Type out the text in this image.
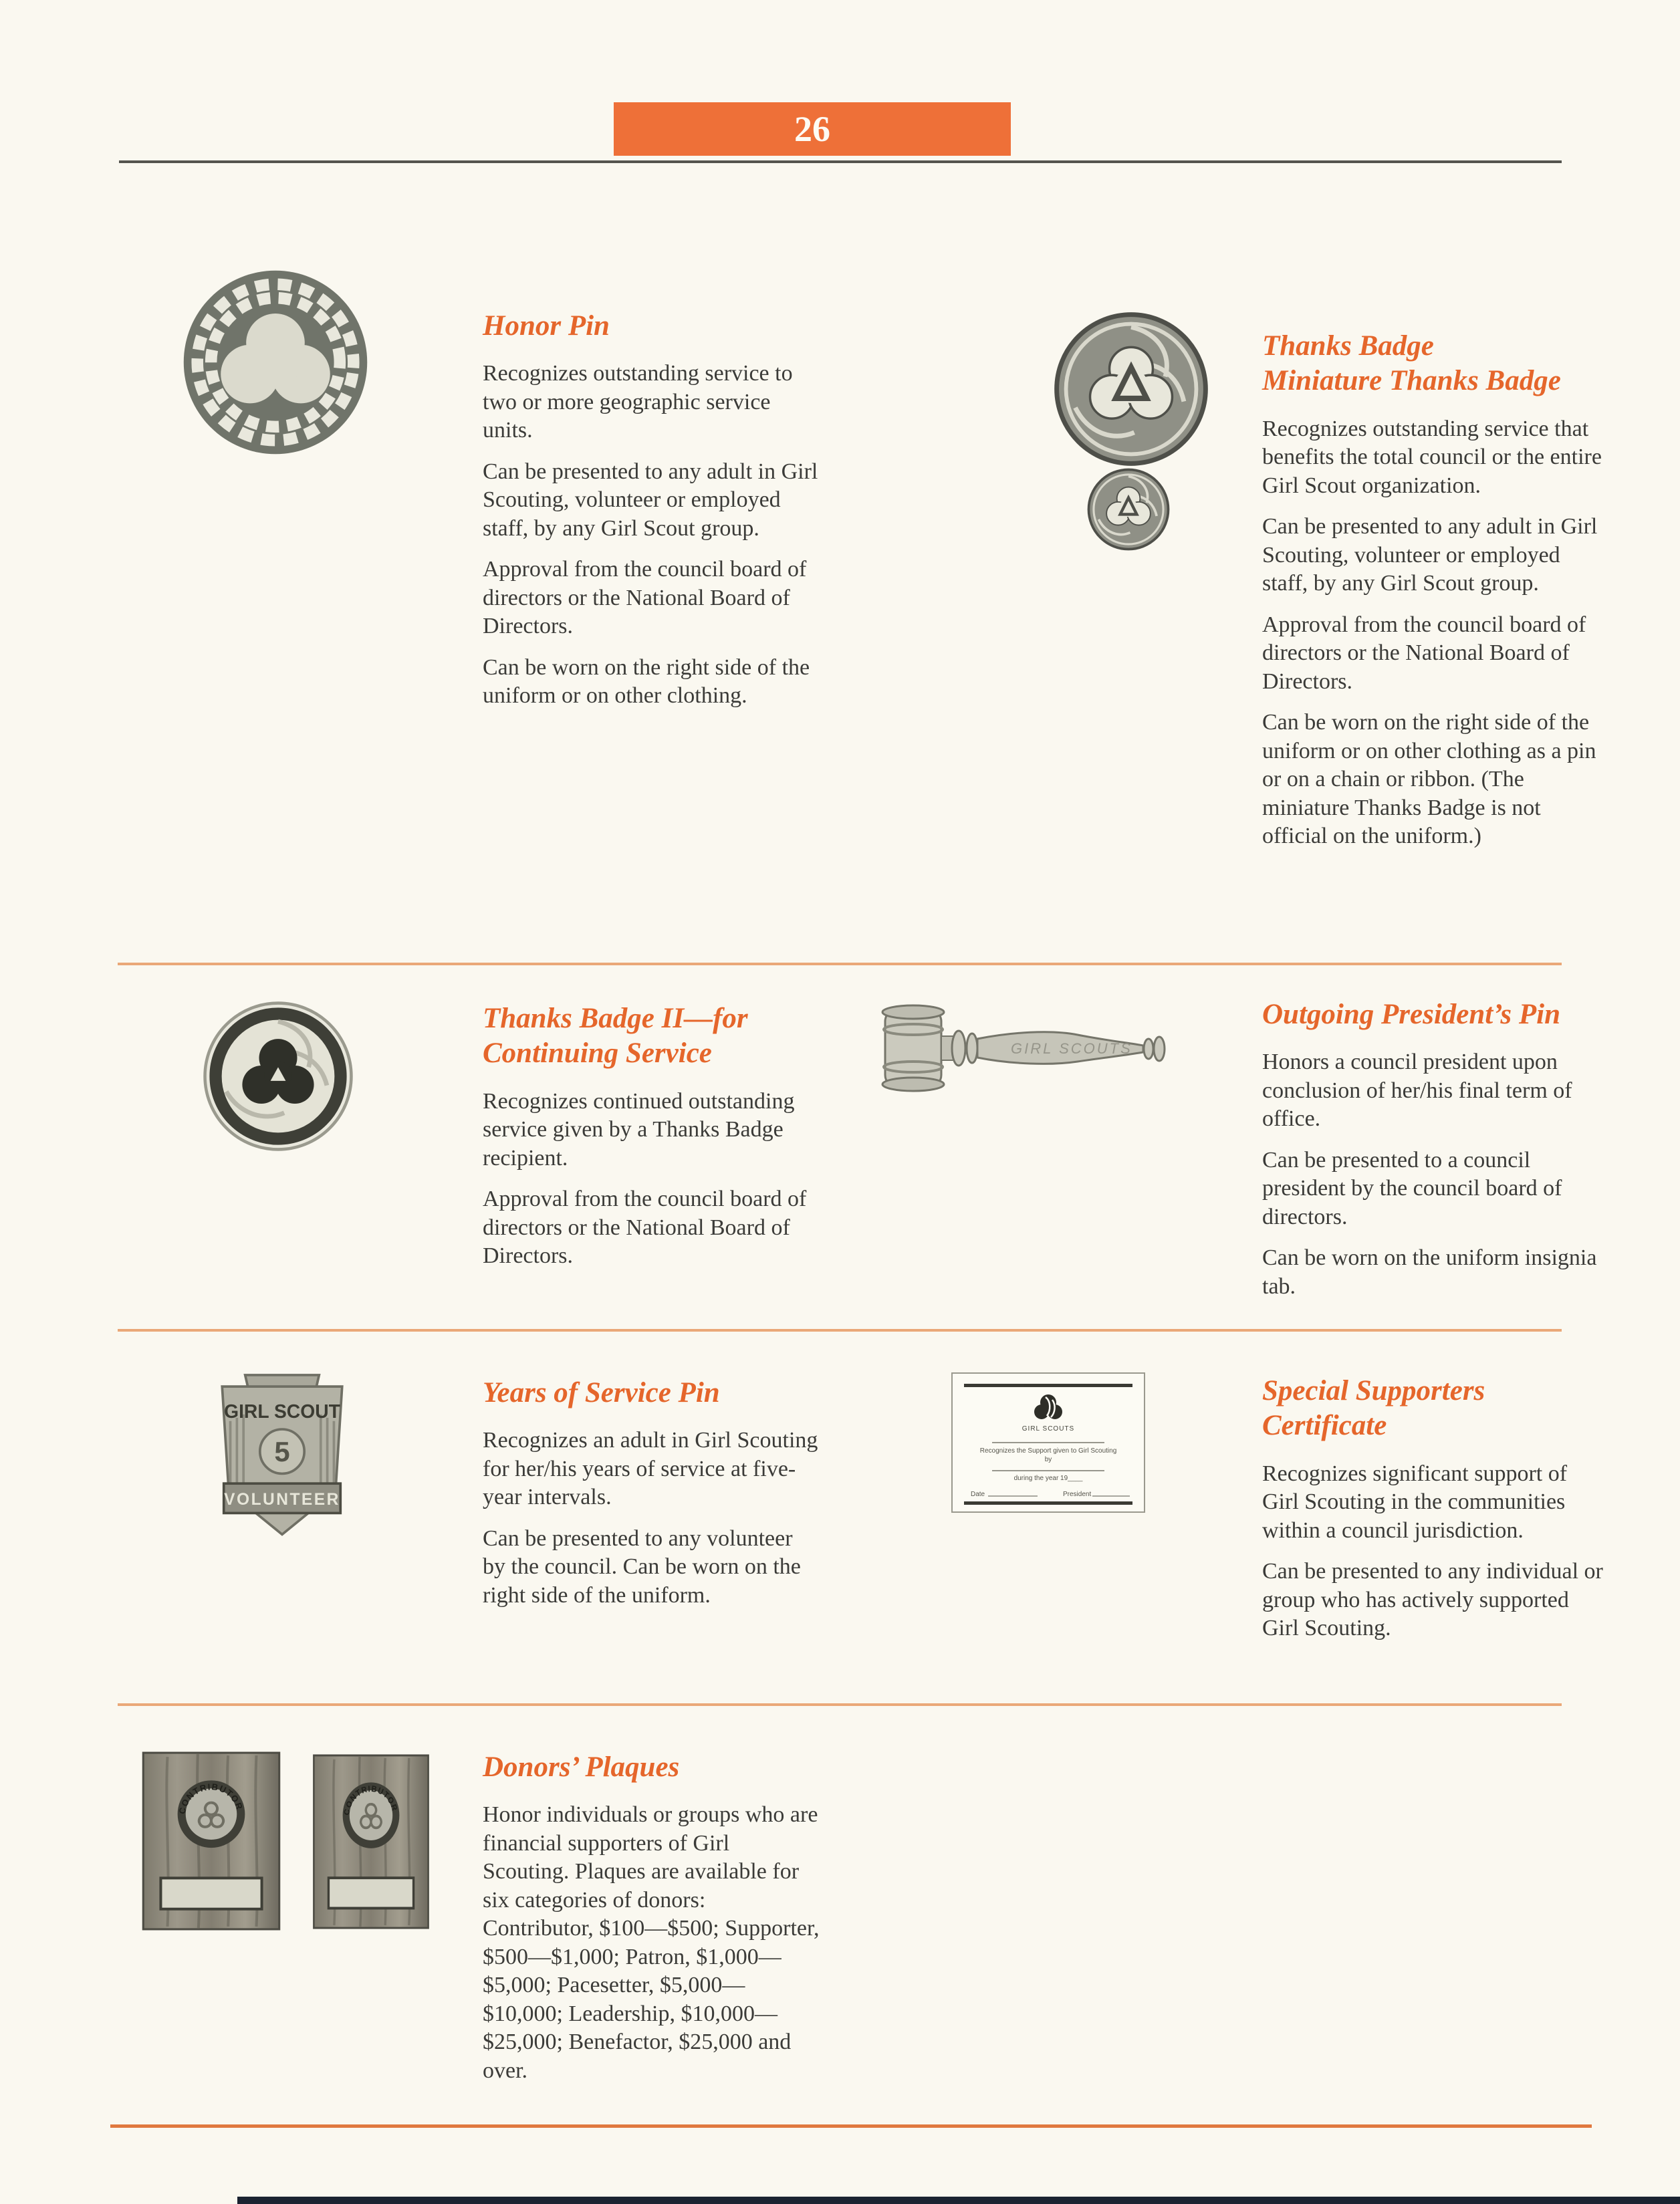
26
Honor Pin
Recognizes outstanding service to two or more geographic service units.
Can be presented to any adult in Girl Scouting, volunteer or employed staff, by any Girl Scout group.
Approval from the council board of directors or the National Board of Directors.
Can be worn on the right side of the uniform or on other clothing.
Thanks Badge
Miniature Thanks Badge
Recognizes outstanding service that benefits the total council or the entire Girl Scout organization.
Can be presented to any adult in Girl Scouting, volunteer or employed staff, by any Girl Scout group.
Approval from the council board of directors or the National Board of Directors.
Can be worn on the right side of the uniform or on other clothing as a pin or on a chain or ribbon. (The miniature Thanks Badge is not official on the uniform.)
Thanks Badge II—for
Continuing Service
Recognizes continued outstanding service given by a Thanks Badge recipient.
Approval from the council board of directors or the National Board of Directors.
GIRL SCOUTS
Outgoing President’s Pin
Honors a council president upon conclusion of her/his final term of office.
Can be presented to a council president by the council board of directors.
Can be worn on the uniform insignia tab.
GIRL SCOUT
5
VOLUNTEER
Years of Service Pin
Recognizes an adult in Girl Scouting for her/his years of service at five-year intervals.
Can be presented to any volunteer by the council. Can be worn on the right side of the uniform.
GIRL SCOUTS
Recognizes the Support given to Girl Scouting
by
during the year 19____
Date	President
Special Supporters
Certificate
Recognizes significant support of Girl Scouting in the communities within a council jurisdiction.
Can be presented to any individual or group who has actively supported Girl Scouting.
Donors’ Plaques
Honor individuals or groups who are financial supporters of Girl Scouting. Plaques are available for six categories of donors: Contributor, $100—$500; Supporter, $500—$1,000; Patron, $1,000—$5,000; Pacesetter, $5,000—$10,000; Leadership, $10,000—$25,000; Benefactor, $25,000 and over.
